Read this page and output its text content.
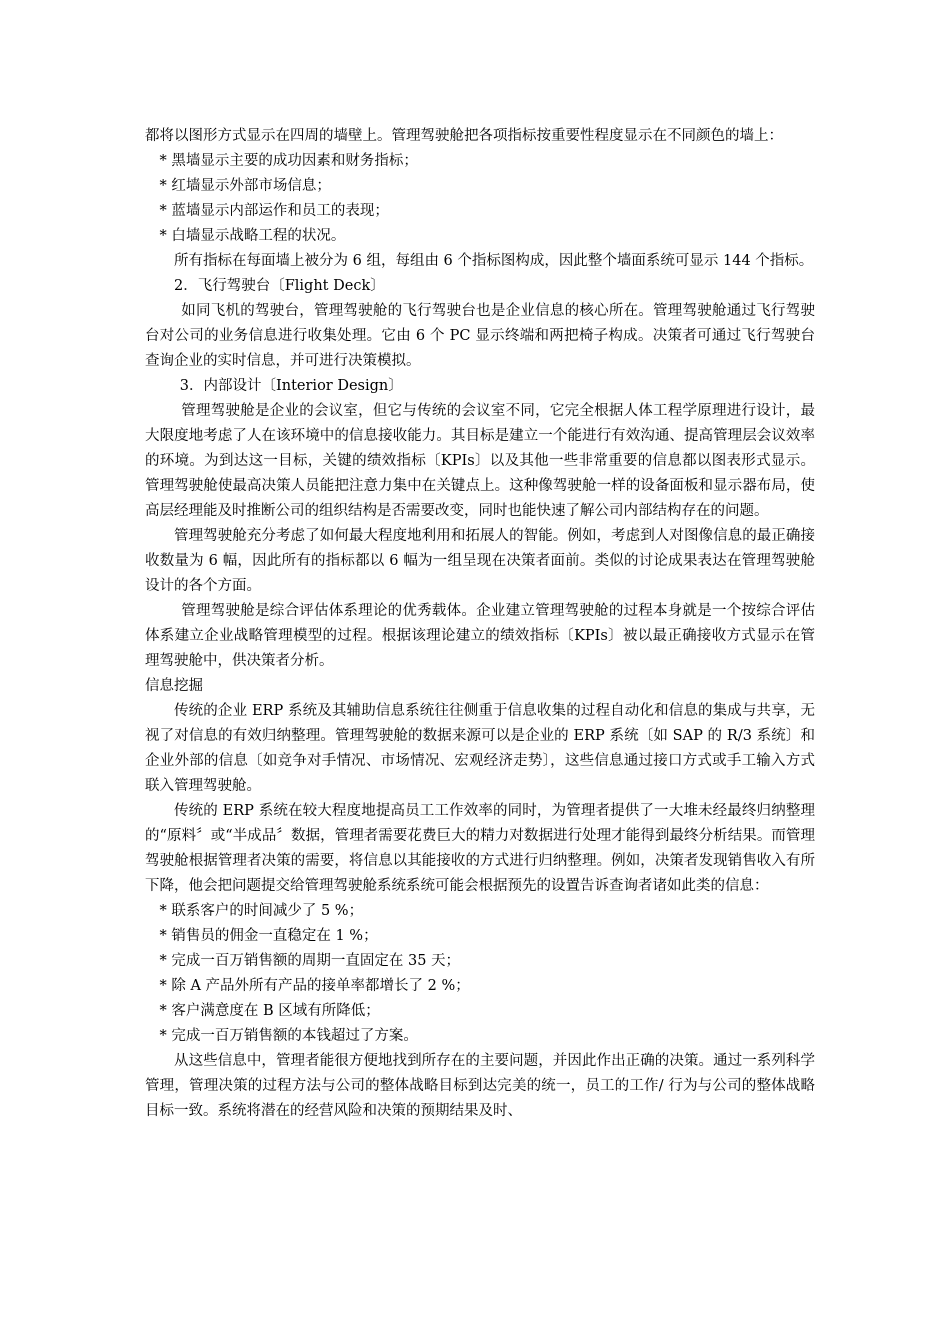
都将以图形方式显示在四周的墙壁上。管理驾驶舱把各项指标按重要性程度显示在不同颜色的墙上：

* 黑墙显示主要的成功因素和财务指标；

* 红墙显示外部市场信息；

* 蓝墙显示内部运作和员工的表现；

* 白墙显示战略工程的状况。

所有指标在每面墙上被分为 6 组，每组由 6 个指标图构成，因此整个墙面系统可显示 144 个指标。

2．飞行驾驶台〔Flight Deck〕

如同飞机的驾驶台，管理驾驶舱的飞行驾驶台也是企业信息的核心所在。管理驾驶舱通过飞行驾驶台对公司的业务信息进行收集处理。它由 6 个 PC 显示终端和两把椅子构成。决策者可通过飞行驾驶台查询企业的实时信息，并可进行决策模拟。

3．内部设计〔Interior Design〕

管理驾驶舱是企业的会议室，但它与传统的会议室不同，它完全根据人体工程学原理进行设计，最大限度地考虑了人在该环境中的信息接收能力。其目标是建立一个能进行有效沟通、提高管理层会议效率的环境。为到达这一目标，关键的绩效指标〔KPIs〕以及其他一些非常重要的信息都以图表形式显示。管理驾驶舱使最高决策人员能把注意力集中在关键点上。这种像驾驶舱一样的设备面板和显示器布局，使高层经理能及时推断公司的组织结构是否需要改变，同时也能快速了解公司内部结构存在的问题。

管理驾驶舱充分考虑了如何最大程度地利用和拓展人的智能。例如，考虑到人对图像信息的最正确接收数量为 6 幅，因此所有的指标都以 6 幅为一组呈现在决策者面前。类似的讨论成果表达在管理驾驶舱设计的各个方面。

管理驾驶舱是综合评估体系理论的优秀载体。企业建立管理驾驶舱的过程本身就是一个按综合评估体系建立企业战略管理模型的过程。根据该理论建立的绩效指标〔KPIs〕被以最正确接收方式显示在管理驾驶舱中，供决策者分析。

信息挖掘

传统的企业 ERP 系统及其辅助信息系统往往侧重于信息收集的过程自动化和信息的集成与共享，无视了对信息的有效归纳整理。管理驾驶舱的数据来源可以是企业的 ERP 系统〔如 SAP 的 R/3 系统〕和企业外部的信息〔如竞争对手情况、市场情况、宏观经济走势〕，这些信息通过接口方式或手工输入方式联入管理驾驶舱。

传统的 ERP 系统在较大程度地提高员工工作效率的同时，为管理者提供了一大堆未经最终归纳整理的“原料〞或“半成品〞数据，管理者需要花费巨大的精力对数据进行处理才能得到最终分析结果。而管理驾驶舱根据管理者决策的需要，将信息以其能接收的方式进行归纳整理。例如，决策者发现销售收入有所下降，他会把问题提交给管理驾驶舱系统系统可能会根据预先的设置告诉查询者诸如此类的信息：

* 联系客户的时间减少了 5 %；

* 销售员的佣金一直稳定在 1 %；

* 完成一百万销售额的周期一直固定在 35 天；

* 除 A 产品外所有产品的接单率都增长了 2 %；

* 客户满意度在 B 区域有所降低；

* 完成一百万销售额的本钱超过了方案。

从这些信息中，管理者能很方便地找到所存在的主要问题，并因此作出正确的决策。通过一系列科学管理，管理决策的过程方法与公司的整体战略目标到达完美的统一，员工的工作/ 行为与公司的整体战略目标一致。系统将潜在的经营风险和决策的预期结果及时、
